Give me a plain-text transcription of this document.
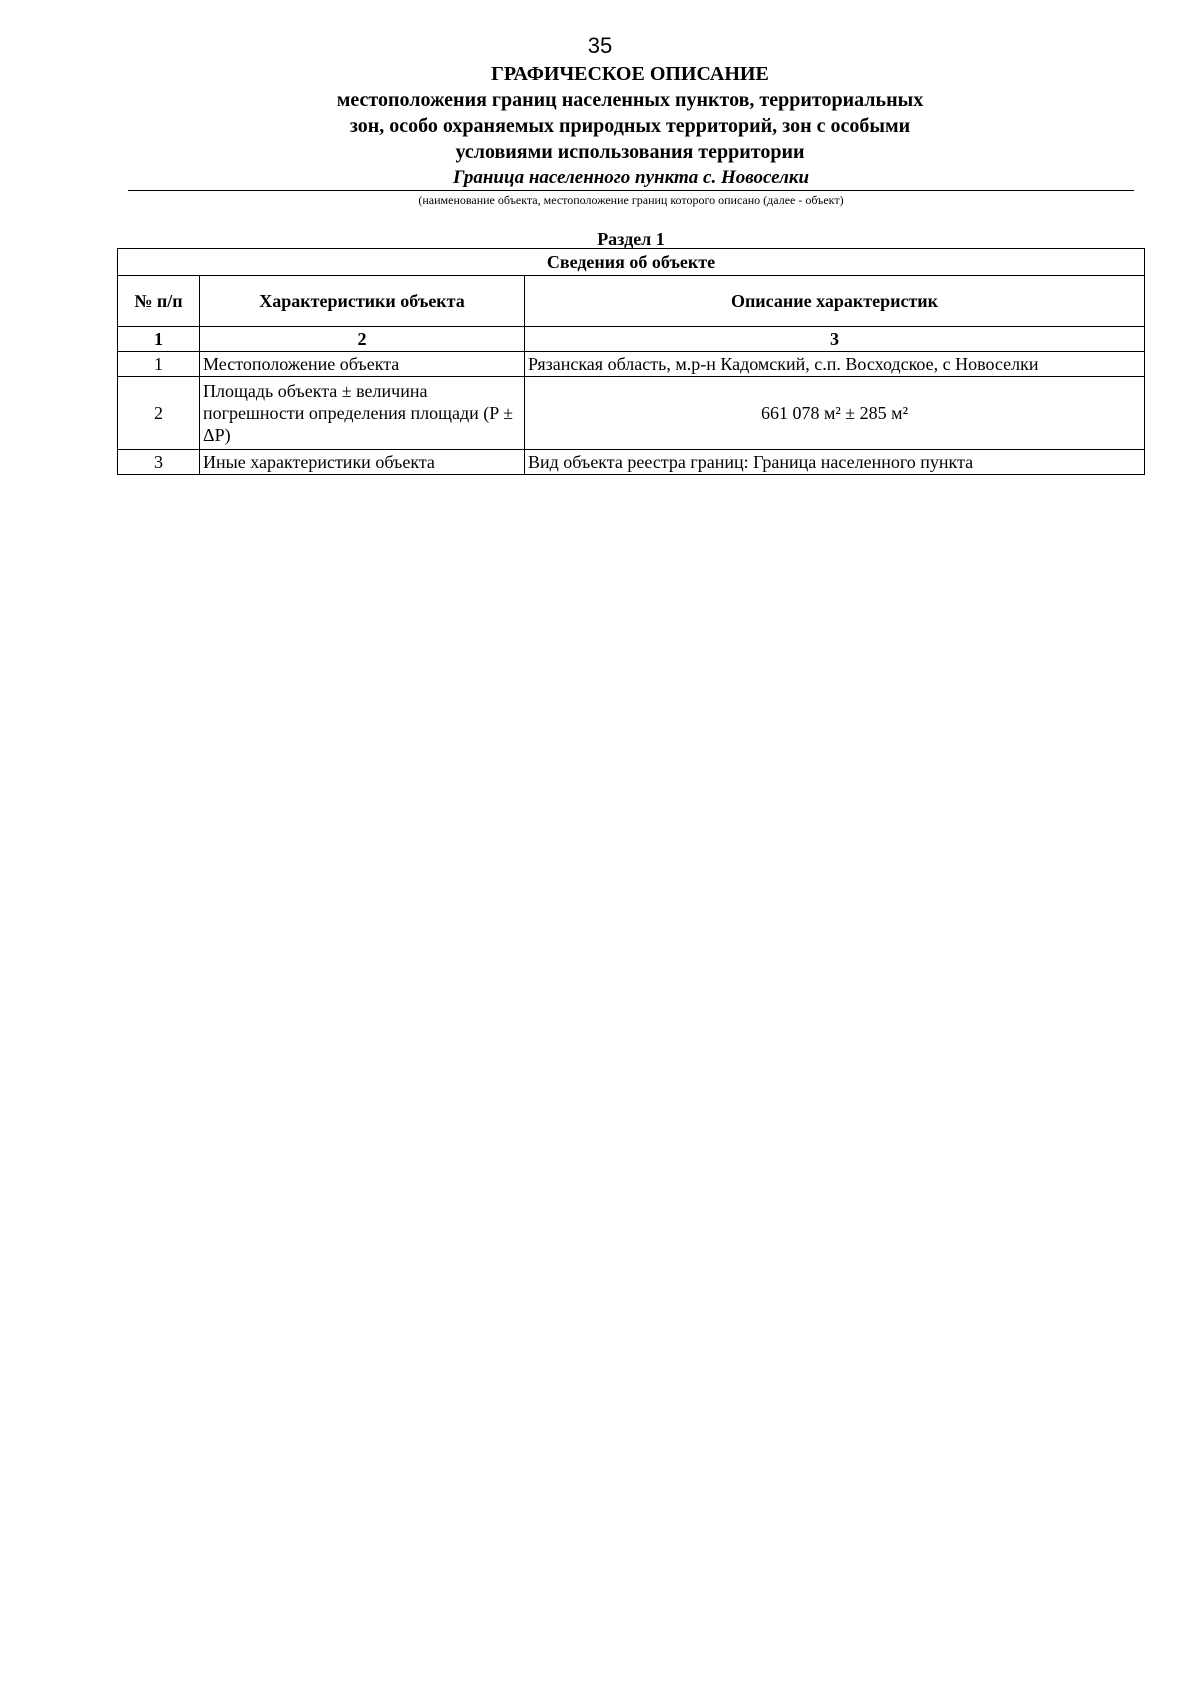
35
ГРАФИЧЕСКОЕ ОПИСАНИЕ
местоположения границ населенных пунктов, территориальных
зон, особо охраняемых природных территорий, зон с особыми
условиями использования территории
Граница населенного пункта с. Новоселки
(наименование объекта, местоположение границ которого описано (далее - объект)
Раздел 1
Сведения об объекте		
№ п/п	Характеристики объекта	Описание характеристик
1	2	3
1	Местоположение объекта	Рязанская область, м.р-н Кадомский, с.п. Восходское, с Новоселки
2	Площадь объекта ± величина погрешности определения площади (P ± ΔP)	661 078 м² ± 285 м²
3	Иные характеристики объекта	Вид объекта реестра границ: Граница населенного пункта
